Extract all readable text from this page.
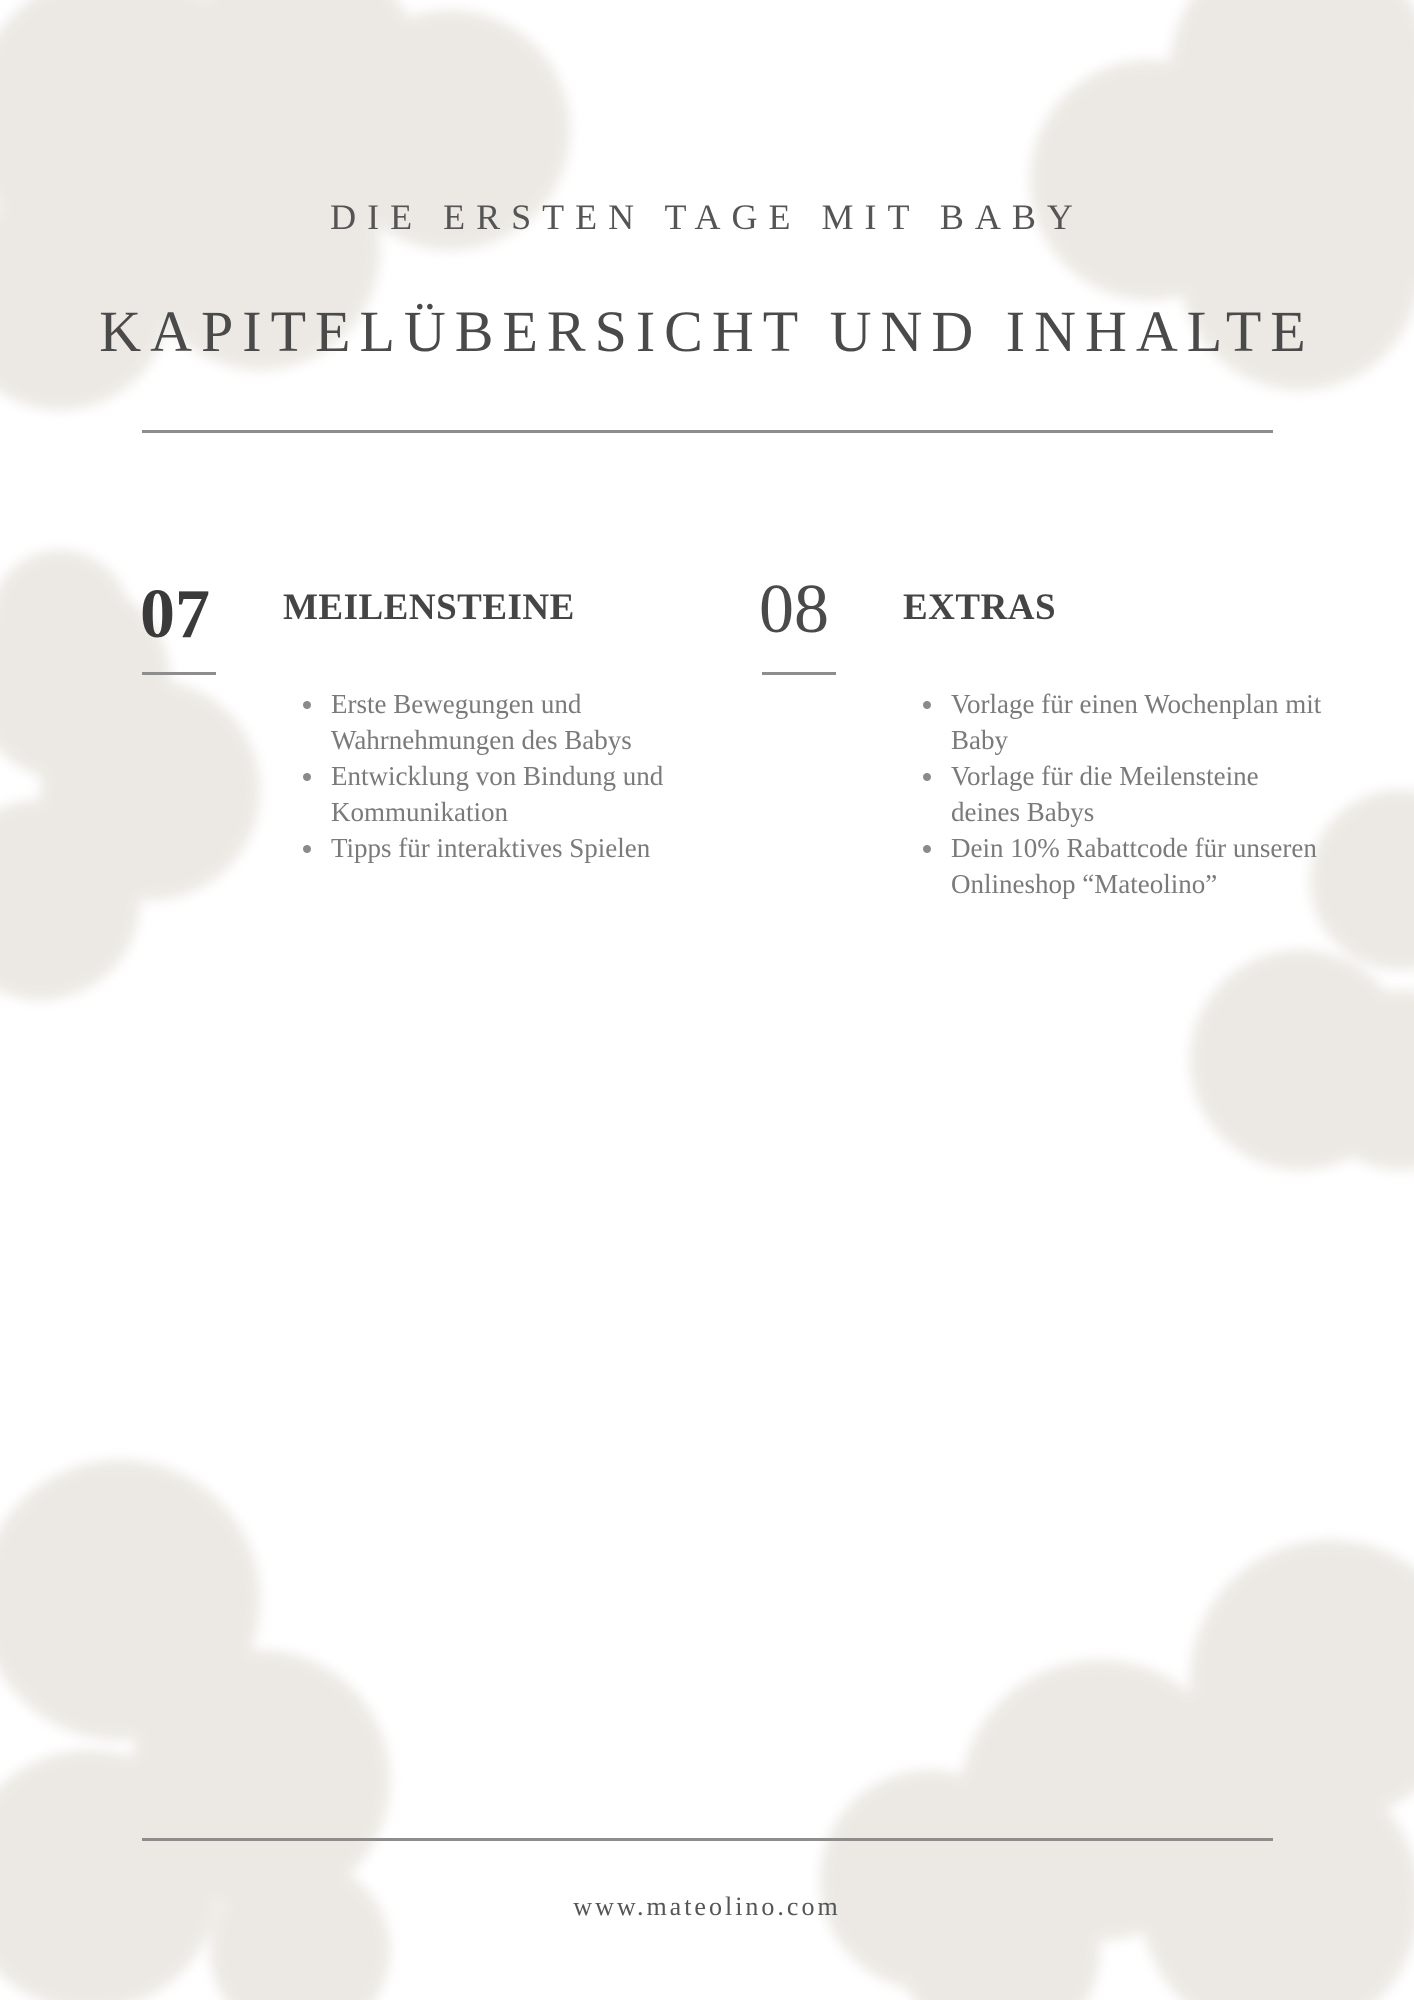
DIE ERSTEN TAGE MIT BABY
KAPITELÜBERSICHT UND INHALTE
07 MEILENSTEINE
Erste Bewegungen und Wahrnehmungen des Babys
Entwicklung von Bindung und Kommunikation
Tipps für interaktives Spielen
08 EXTRAS
Vorlage für einen Wochenplan mit Baby
Vorlage für die Meilensteine deines Babys
Dein 10% Rabattcode für unseren Onlineshop “Mateolino”
www.mateolino.com
